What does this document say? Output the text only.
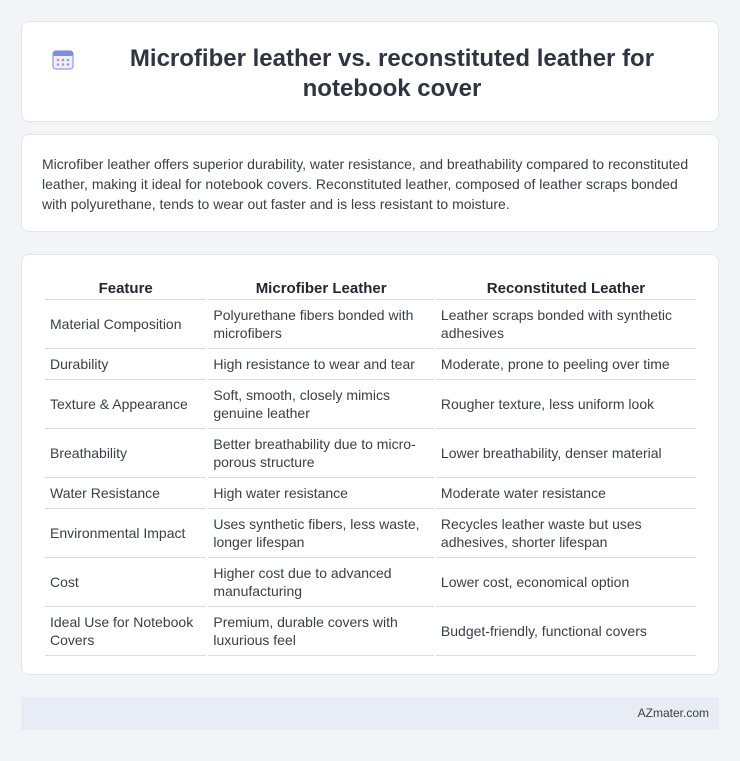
Microfiber leather vs. reconstituted leather for notebook cover

Microfiber leather offers superior durability, water resistance, and breathability compared to reconstituted leather, making it ideal for notebook covers. Reconstituted leather, composed of leather scraps bonded with polyurethane, tends to wear out faster and is less resistant to moisture.

Feature	Microfiber Leather	Reconstituted Leather
Material Composition	Polyurethane fibers bonded with microfibers	Leather scraps bonded with synthetic adhesives
Durability	High resistance to wear and tear	Moderate, prone to peeling over time
Texture & Appearance	Soft, smooth, closely mimics genuine leather	Rougher texture, less uniform look
Breathability	Better breathability due to micro-porous structure	Lower breathability, denser material
Water Resistance	High water resistance	Moderate water resistance
Environmental Impact	Uses synthetic fibers, less waste, longer lifespan	Recycles leather waste but uses adhesives, shorter lifespan
Cost	Higher cost due to advanced manufacturing	Lower cost, economical option
Ideal Use for Notebook Covers	Premium, durable covers with luxurious feel	Budget-friendly, functional covers
AZmater.com
